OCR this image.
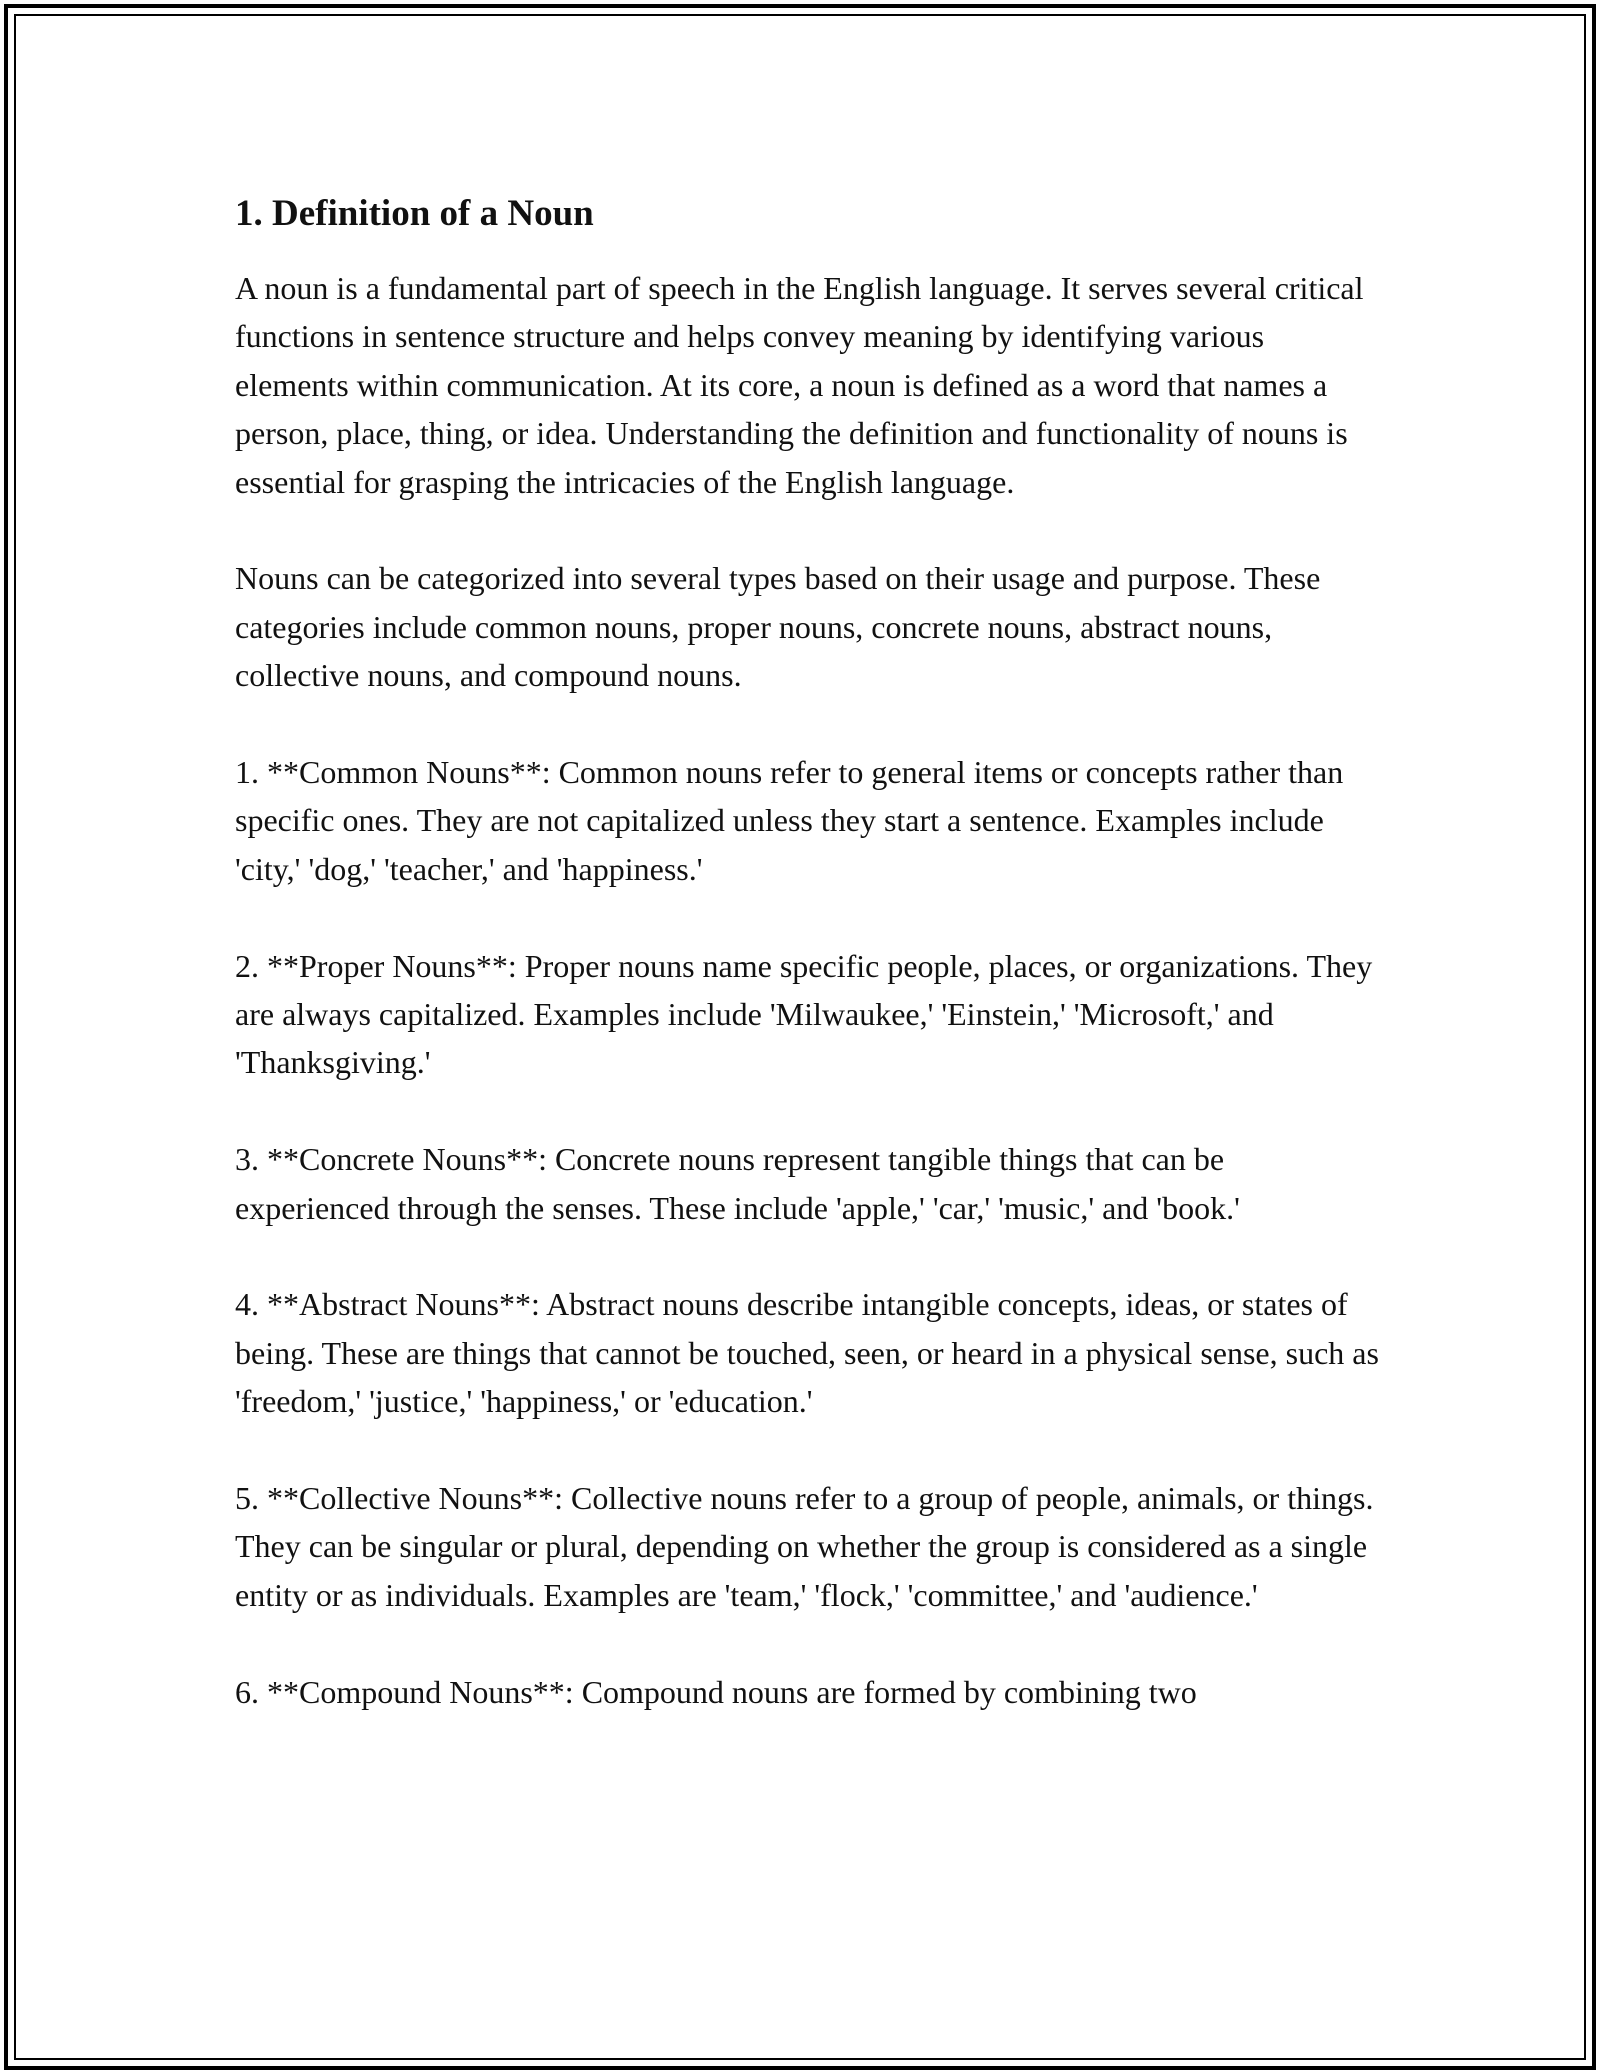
1. Definition of a Noun

A noun is a fundamental part of speech in the English language. It serves several critical functions in sentence structure and helps convey meaning by identifying various elements within communication. At its core, a noun is defined as a word that names a person, place, thing, or idea. Understanding the definition and functionality of nouns is essential for grasping the intricacies of the English language.

Nouns can be categorized into several types based on their usage and purpose. These categories include common nouns, proper nouns, concrete nouns, abstract nouns, collective nouns, and compound nouns.

1. **Common Nouns**: Common nouns refer to general items or concepts rather than specific ones. They are not capitalized unless they start a sentence. Examples include 'city,' 'dog,' 'teacher,' and 'happiness.'

2. **Proper Nouns**: Proper nouns name specific people, places, or organizations. They are always capitalized. Examples include 'Milwaukee,' 'Einstein,' 'Microsoft,' and 'Thanksgiving.'

3. **Concrete Nouns**: Concrete nouns represent tangible things that can be experienced through the senses. These include 'apple,' 'car,' 'music,' and 'book.'

4. **Abstract Nouns**: Abstract nouns describe intangible concepts, ideas, or states of being. These are things that cannot be touched, seen, or heard in a physical sense, such as 'freedom,' 'justice,' 'happiness,' or 'education.'

5. **Collective Nouns**: Collective nouns refer to a group of people, animals, or things. They can be singular or plural, depending on whether the group is considered as a single entity or as individuals. Examples are 'team,' 'flock,' 'committee,' and 'audience.'

6. **Compound Nouns**: Compound nouns are formed by combining two
